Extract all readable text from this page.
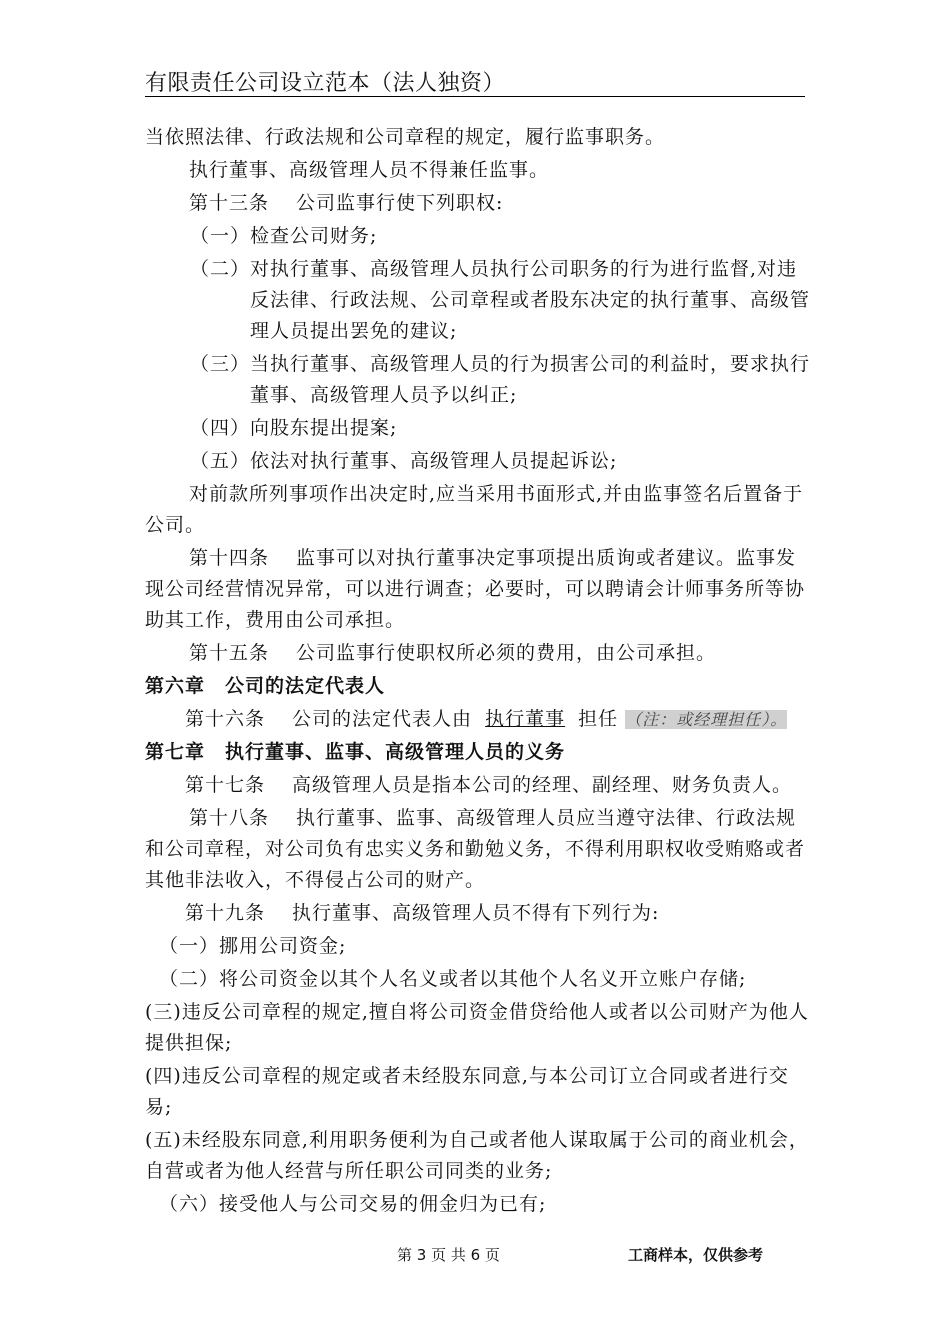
有限责任公司设立范本（法人独资）

当依照法律、行政法规和公司章程的规定，履行监事职务。

执行董事、高级管理人员不得兼任监事。

第十三条　 公司监事行使下列职权:

（一） 检查公司财务;
（二） 对执行董事、高级管理人员执行公司职务的行为进行监督,对违反法律、行政法规、公司章程或者股东决定的执行董事、高级管理人员提出罢免的建议;
（三） 当执行董事、高级管理人员的行为损害公司的利益时，要求执行董事、高级管理人员予以纠正;
（四） 向股东提出提案;
（五） 依法对执行董事、高级管理人员提起诉讼;

对前款所列事项作出决定时,应当采用书面形式,并由监事签名后置备于公司。

第十四条　 监事可以对执行董事决定事项提出质询或者建议。监事发现公司经营情况异常，可以进行调查；必要时，可以聘请会计师事务所等协助其工作，费用由公司承担。

第十五条　 公司监事行使职权所必须的费用，由公司承担。

第六章　公司的法定代表人

第十六条　 公司的法定代表人由 执行董事 担任 （注：或经理担任）。

第七章　执行董事、监事、高级管理人员的义务

第十七条　 高级管理人员是指本公司的经理、副经理、财务负责人。

第十八条　 执行董事、监事、高级管理人员应当遵守法律、行政法规和公司章程，对公司负有忠实义务和勤勉义务，不得利用职权收受贿赂或者其他非法收入，不得侵占公司的财产。

第十九条　 执行董事、高级管理人员不得有下列行为:

（一）挪用公司资金;

（二）将公司资金以其个人名义或者以其他个人名义开立账户存储;

(三)违反公司章程的规定,擅自将公司资金借贷给他人或者以公司财产为他人提供担保;

(四)违反公司章程的规定或者未经股东同意,与本公司订立合同或者进行交易;

(五)未经股东同意,利用职务便利为自己或者他人谋取属于公司的商业机会，自营或者为他人经营与所任职公司同类的业务;

（六）接受他人与公司交易的佣金归为已有;

第 3 页 共 6 页	工商样本，仅供参考
